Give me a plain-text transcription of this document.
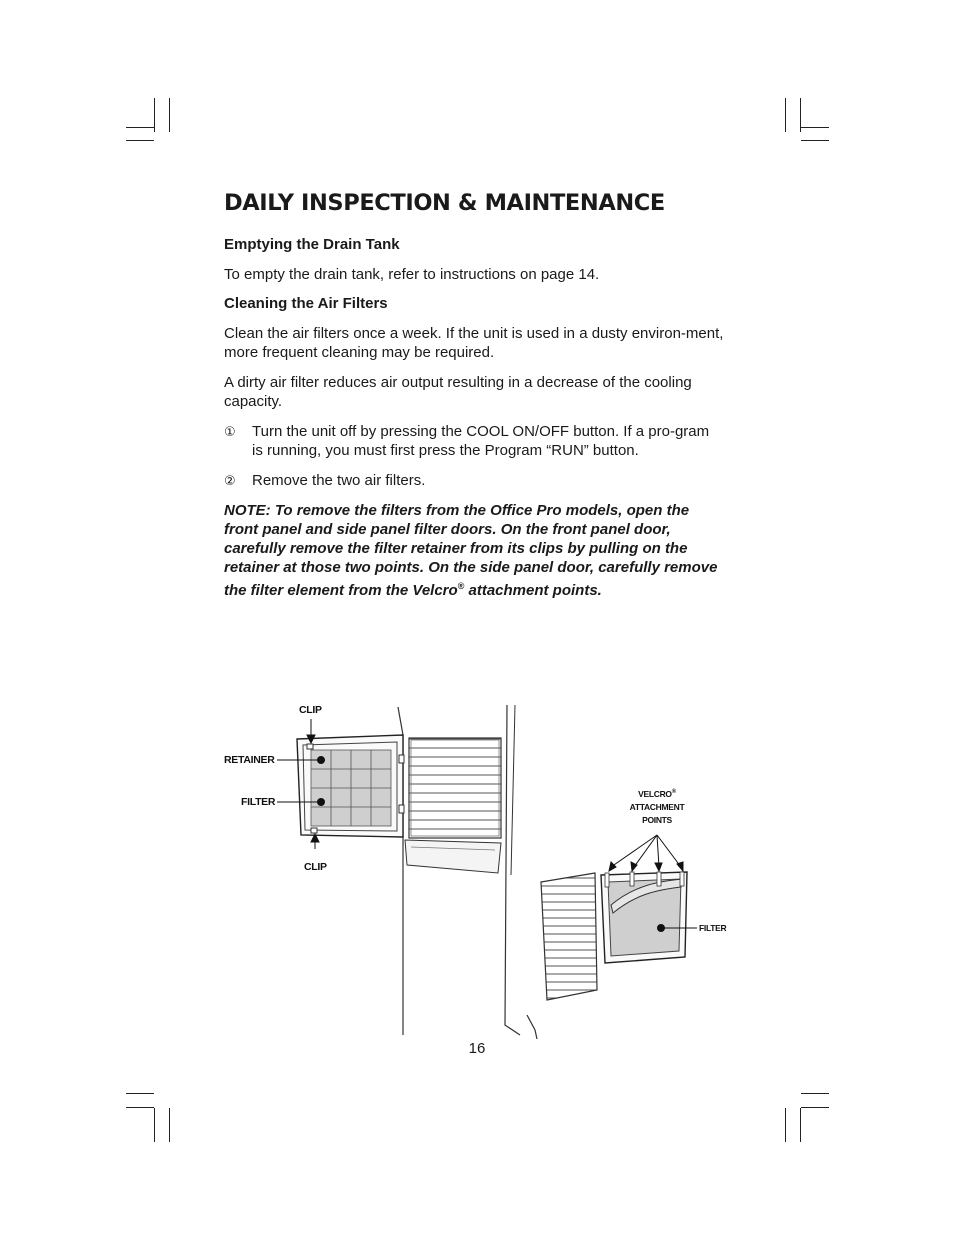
DAILY INSPECTION & MAINTENANCE
Emptying the Drain Tank
To empty the drain tank, refer to instructions on page 14.
Cleaning the Air Filters
Clean the air filters once a week. If the unit is used in a dusty environ-ment, more frequent cleaning may be required.
A dirty air filter reduces air output resulting in a decrease of the cooling capacity.
① Turn the unit off by pressing the COOL ON/OFF button. If a pro-gram is running, you must first press the Program “RUN” button.
② Remove the two air filters.

NOTE: To remove the filters from the Office Pro models, open the front panel and side panel filter doors. On the front panel door, carefully remove the filter retainer from its clips by pulling on the retainer at those two points. On the side panel door, carefully remove the filter element from the Velcro® attachment points.

CLIP
RETAINER
FILTER
CLIP
VELCRO®
ATTACHMENT
POINTS
FILTER
16
